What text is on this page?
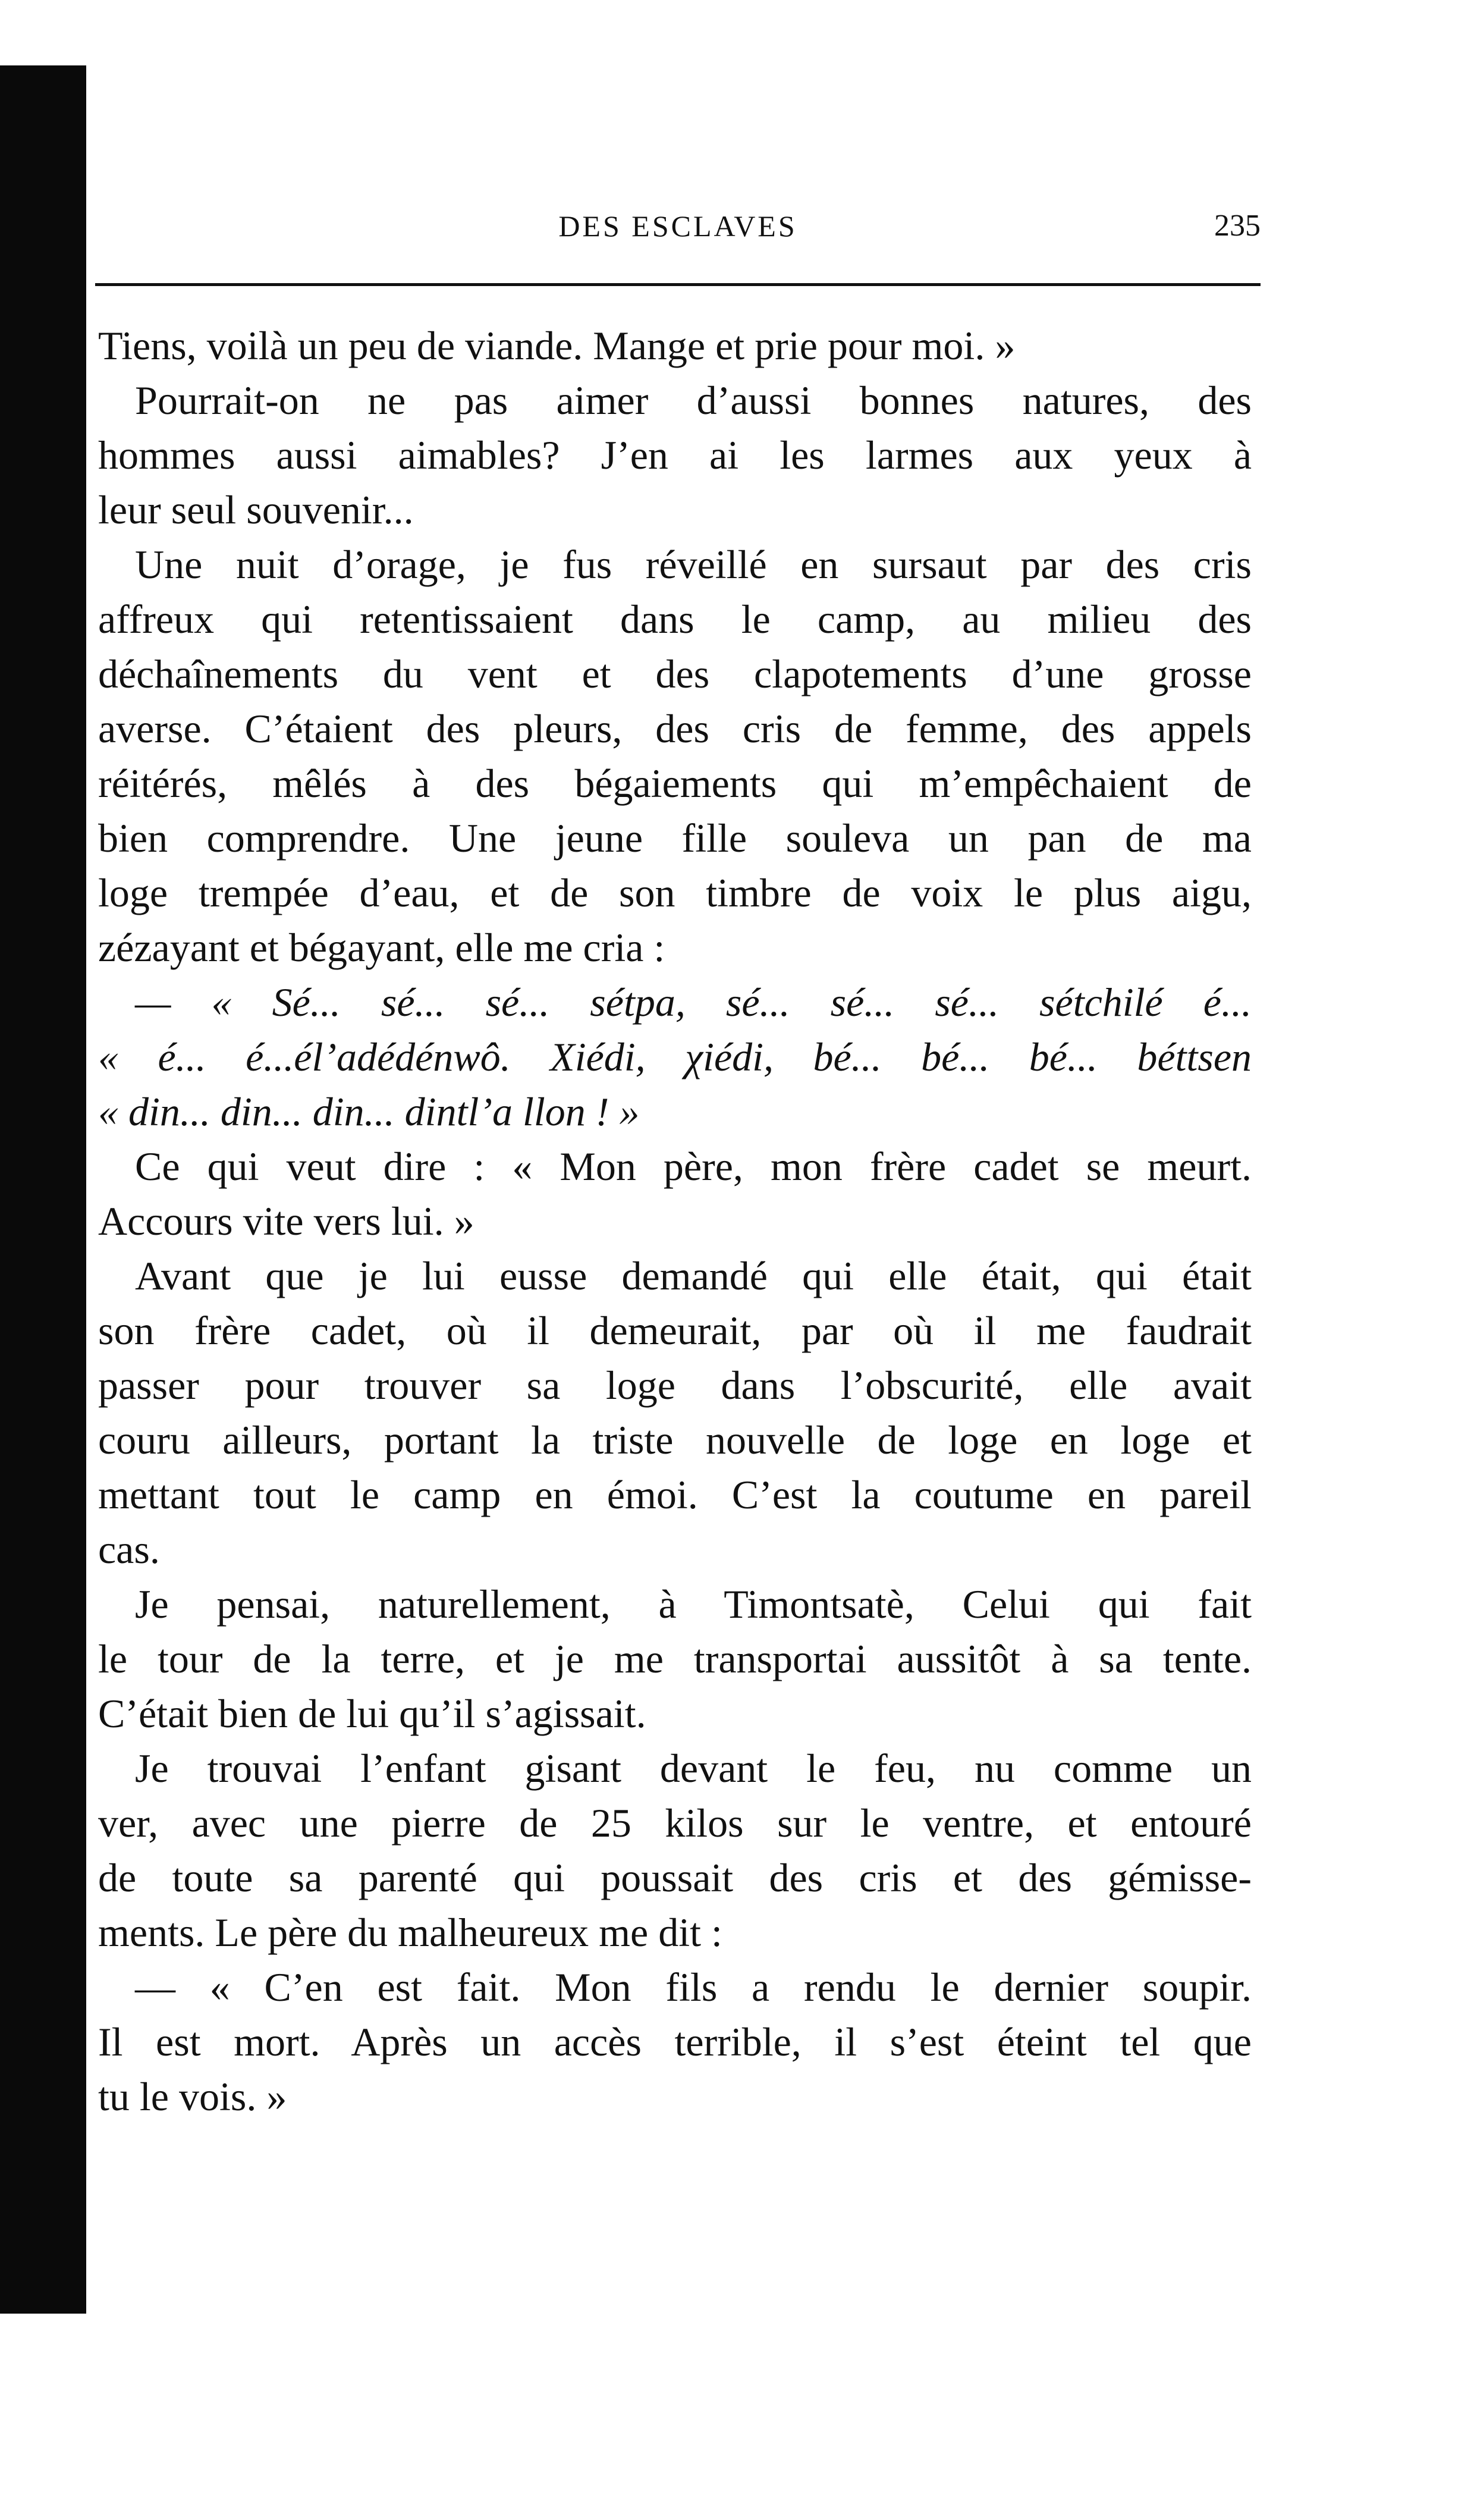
DES ESCLAVES	235
Tiens, voilà un peu de viande. Mange et prie pour moi. »
Pourrait-on ne pas aimer d’aussi bonnes natures, des
hommes aussi aimables? J’en ai les larmes aux yeux à
leur seul souvenir...
Une nuit d’orage, je fus réveillé en sursaut par des cris
affreux qui retentissaient dans le camp, au milieu des
déchaînements du vent et des clapotements d’une grosse
averse. C’étaient des pleurs, des cris de femme, des appels
réitérés, mêlés à des bégaiements qui m’empêchaient de
bien comprendre. Une jeune fille souleva un pan de ma
loge trempée d’eau, et de son timbre de voix le plus aigu,
zézayant et bégayant, elle me cria :
— « Sé... sé... sé... sétpa, sé... sé... sé... sétchilé é...
« é... é...él’adédénwô. Xiédi, χiédi, bé... bé... bé... béttsen
« din... din... din... dintl’a llon ! »
Ce qui veut dire : « Mon père, mon frère cadet se meurt.
Accours vite vers lui. »
Avant que je lui eusse demandé qui elle était, qui était
son frère cadet, où il demeurait, par où il me faudrait
passer pour trouver sa loge dans l’obscurité, elle avait
couru ailleurs, portant la triste nouvelle de loge en loge et
mettant tout le camp en émoi. C’est la coutume en pareil
cas.
Je pensai, naturellement, à Timontsatè, Celui qui fait
le tour de la terre, et je me transportai aussitôt à sa tente.
C’était bien de lui qu’il s’agissait.
Je trouvai l’enfant gisant devant le feu, nu comme un
ver, avec une pierre de 25 kilos sur le ventre, et entouré
de toute sa parenté qui poussait des cris et des gémisse-
ments. Le père du malheureux me dit :
— « C’en est fait. Mon fils a rendu le dernier soupir.
Il est mort. Après un accès terrible, il s’est éteint tel que
tu le vois. »
